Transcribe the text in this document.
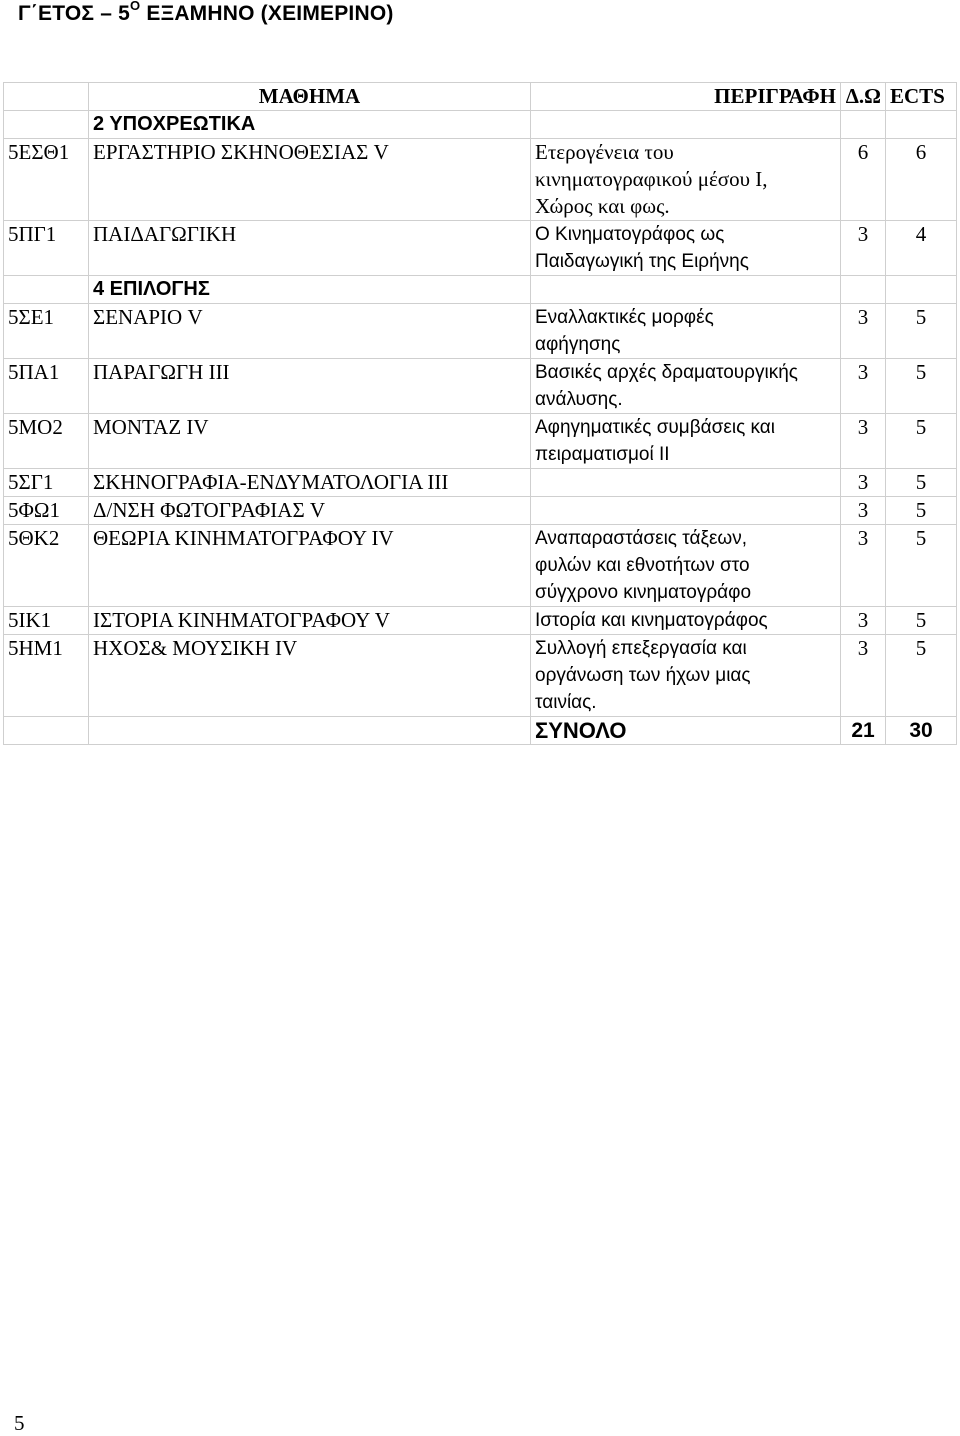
$\Gamma΄ETO\Sigma - 5^O$ ΕΞΑΜΗΝΟ (ΧΕΙΜΕΡΙΝΟ)
	ΜΑΘΗΜΑ	ΠΕΡΙΓΡΑΦΗ	Δ.Ω	ECTS
	2 ΥΠΟΧΡΕΩΤΙΚΑ			
5ΕΣΘ1	ΕΡΓΑΣΤΗΡΙΟ ΣΚΗΝΟΘΕΣΙΑΣ V	Ετερογένεια του
κινηματογραφικού μέσου Ι,
Χώρος και φως.	6	6
5ΠΓ1	ΠΑΙΔΑΓΩΓΙΚΗ	Ο Κινηματογράφος ως
Παιδαγωγική της Ειρήνης	3	4
	4 ΕΠΙΛΟΓΗΣ			
5ΣΕ1	ΣΕΝΑΡΙΟ V	Εναλλακτικές μορφές
αφήγησης	3	5
5ΠΑ1	ΠΑΡΑΓΩΓΗ ΙΙΙ	Βασικές αρχές δραματουργικής
ανάλυσης.	3	5
5ΜΟ2	ΜΟΝΤΑΖ IV	Αφηγηματικές συμβάσεις και
πειραματισμοί ΙΙ	3	5
5ΣΓ1	ΣΚΗΝΟΓΡΑΦΙΑ-ΕΝΔΥΜΑΤΟΛΟΓΙΑ ΙΙΙ		3	5
5ΦΩ1	Δ/ΝΣΗ ΦΩΤΟΓΡΑΦΙΑΣ V		3	5
5ΘΚ2	ΘΕΩΡΙΑ ΚΙΝΗΜΑΤΟΓΡΑΦΟΥ IV	Αναπαραστάσεις τάξεων,
φυλών και εθνοτήτων στο
σύγχρονο κινηματογράφο	3	5
5ΙΚ1	ΙΣΤΟΡΙΑ ΚΙΝΗΜΑΤΟΓΡΑΦΟΥ V	Ιστορία και κινηματογράφος	3	5
5ΗΜ1	ΗΧΟΣ& ΜΟΥΣΙΚΗ IV	Συλλογή επεξεργασία και
οργάνωση των ήχων μιας
ταινίας.	3	5
		ΣΥΝΟΛΟ	21	30
5
